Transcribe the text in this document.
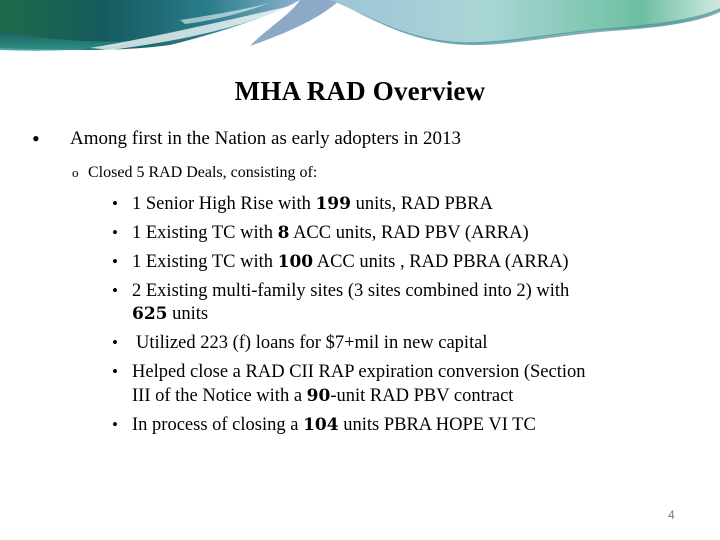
MHA RAD Overview
• Among first in the Nation as early adopters in 2013
o Closed 5 RAD Deals, consisting of:
• 1 Senior High Rise with 199 units, RAD PBRA
• 1 Existing TC with 8 ACC units, RAD PBV (ARRA)
• 1 Existing TC with 100 ACC units , RAD PBRA (ARRA)
• 2 Existing multi-family sites (3 sites combined into 2) with
625 units
• Utilized 223 (f) loans for $7+mil in new capital
• Helped close a RAD CII RAP expiration conversion (Section
III of the Notice with a 90-unit RAD PBV contract
• In process of closing a 104 units PBRA HOPE VI TC
4
